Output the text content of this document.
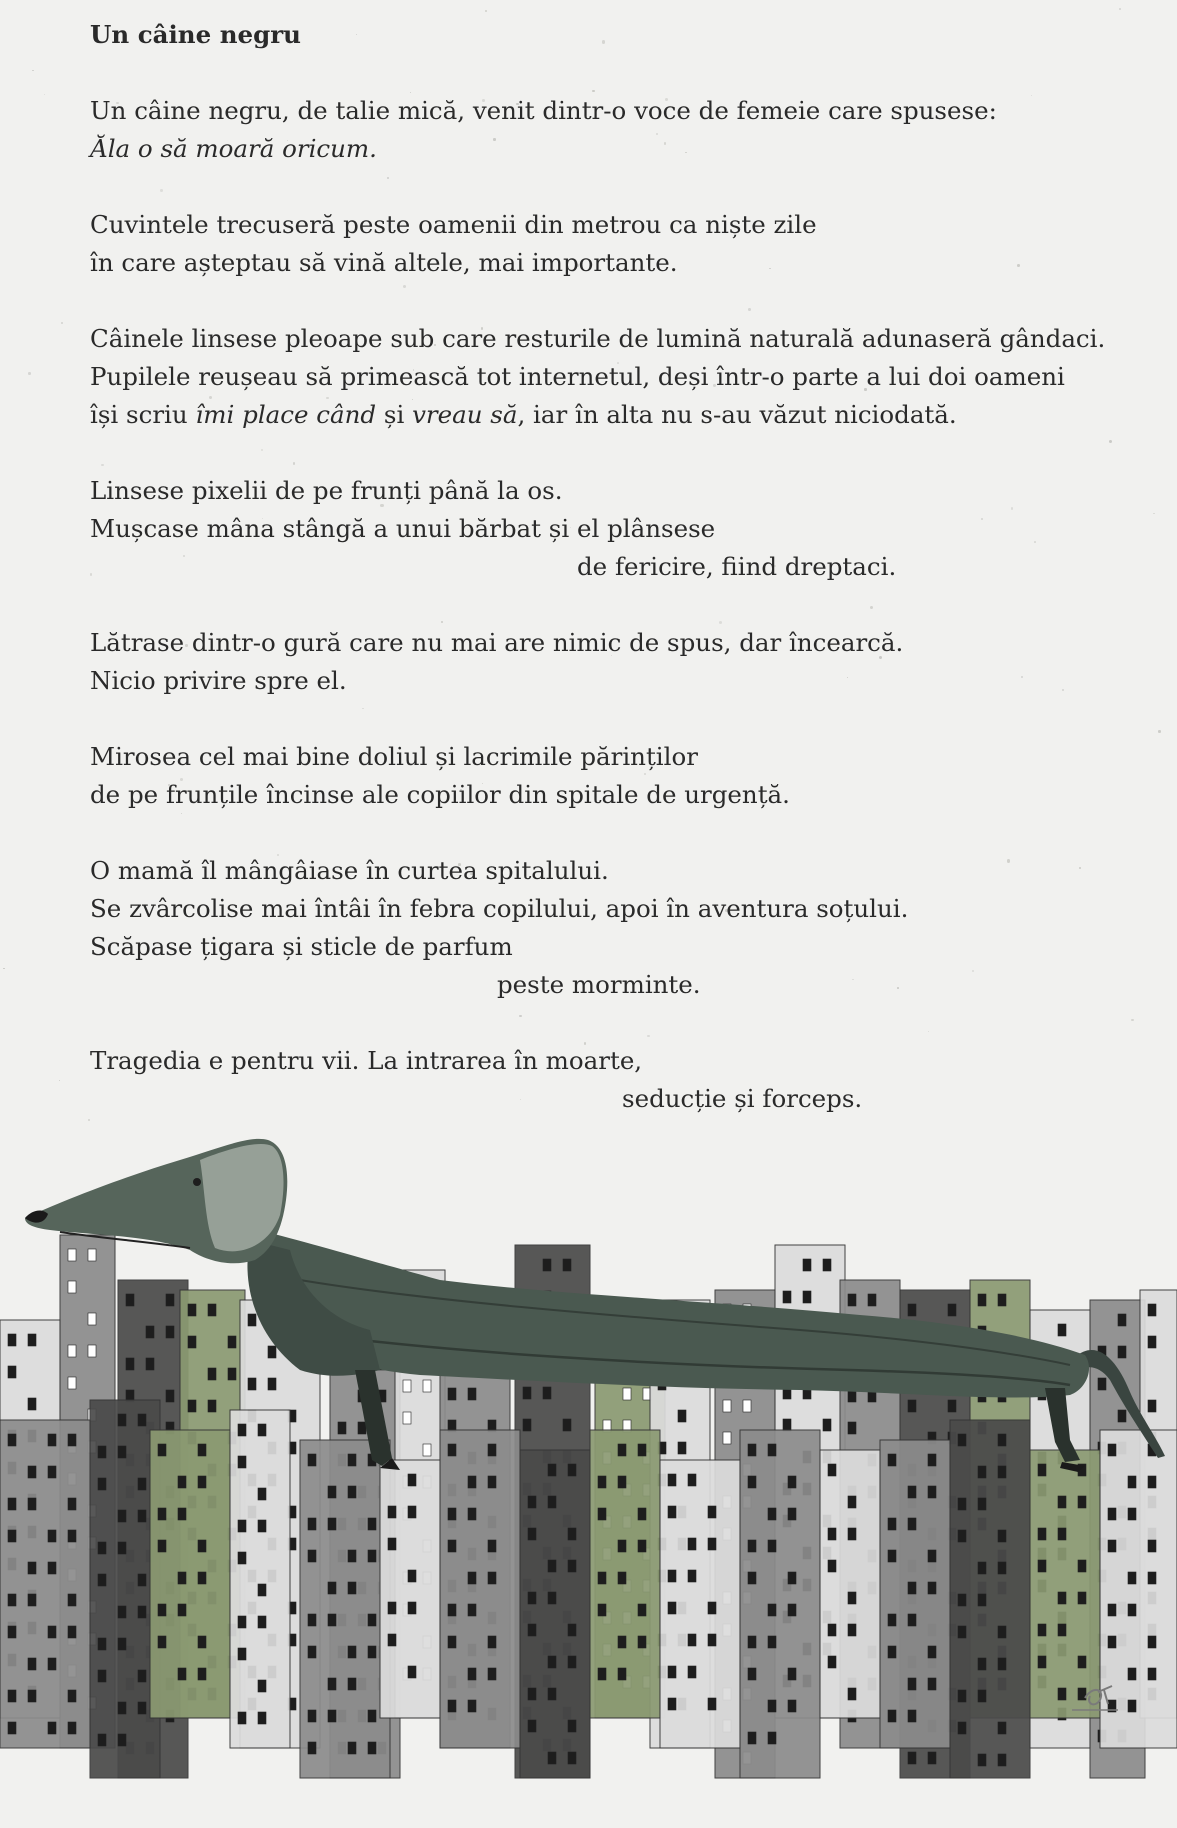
Un câine negru
Un câine negru, de talie mică, venit dintr-o voce de femeie care spusese:
Ăla o să moară oricum.
Cuvintele trecuseră peste oamenii din metrou ca niște zile
în care așteptau să vină altele, mai importante.
Câinele linsese pleoape sub care resturile de lumină naturală adunaseră gândaci.
Pupilele reușeau să primească tot internetul, deși într-o parte a lui doi oameni
își scriu îmi place când și vreau să, iar în alta nu s-au văzut niciodată.
Linsese pixelii de pe frunți până la os.
Mușcase mâna stângă a unui bărbat și el plânsese
de fericire, fiind dreptaci.
Lătrase dintr-o gură care nu mai are nimic de spus, dar încearcă.
Nicio privire spre el.
Mirosea cel mai bine doliul și lacrimile părinților
de pe frunțile încinse ale copiilor din spitale de urgență.
O mamă îl mângâiase în curtea spitalului.
Se zvârcolise mai întâi în febra copilului, apoi în aventura soțului.
Scăpase țigara și sticle de parfum
peste morminte.
Tragedia e pentru vii. La intrarea în moarte,
seducție și forceps.
